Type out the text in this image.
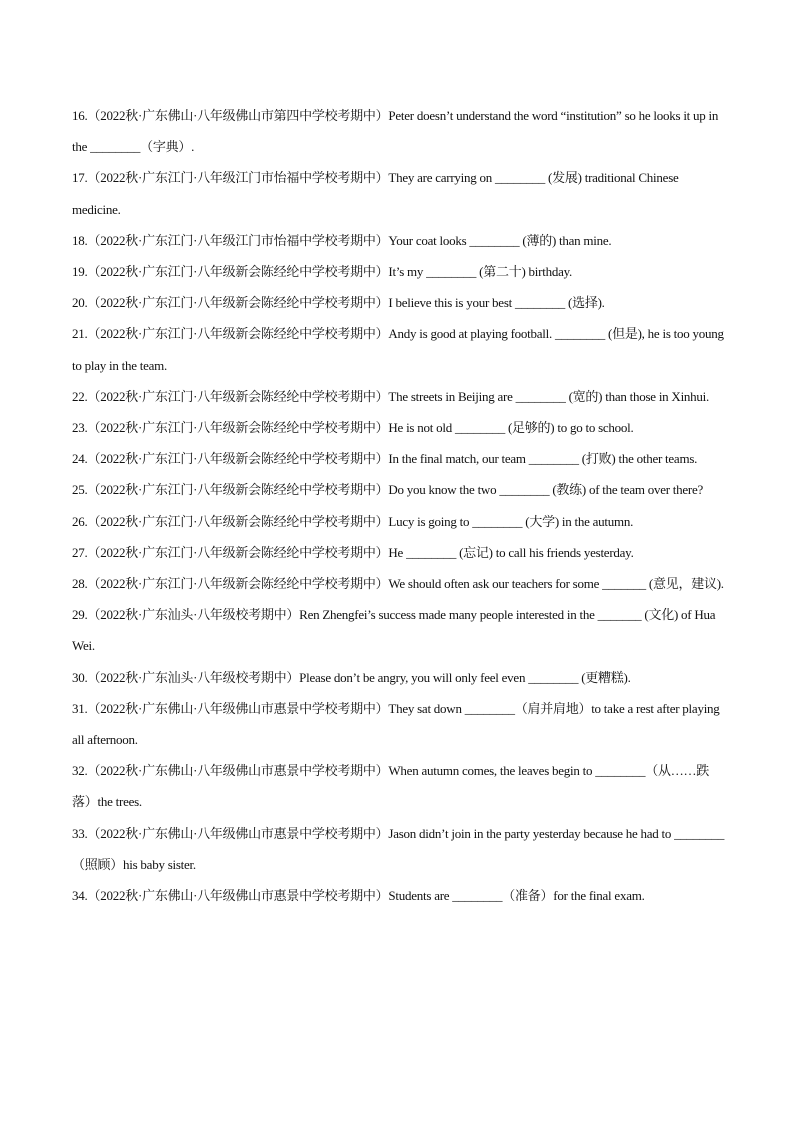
16.（2022秋·广东佛山·八年级佛山市第四中学校考期中）Peter doesn’t understand the word “institution” so he looks it up in the ________（字典）.
17.（2022秋·广东江门·八年级江门市怡福中学校考期中）They are carrying on ________ (发展) traditional Chinese medicine.
18.（2022秋·广东江门·八年级江门市怡福中学校考期中）Your coat looks ________ (薄的) than mine.
19.（2022秋·广东江门·八年级新会陈经纶中学校考期中）It’s my ________ (第二十) birthday.
20.（2022秋·广东江门·八年级新会陈经纶中学校考期中）I believe this is your best ________ (选择).
21.（2022秋·广东江门·八年级新会陈经纶中学校考期中）Andy is good at playing football. ________ (但是), he is too young to play in the team.
22.（2022秋·广东江门·八年级新会陈经纶中学校考期中）The streets in Beijing are ________ (宽的) than those in Xinhui.
23.（2022秋·广东江门·八年级新会陈经纶中学校考期中）He is not old ________ (足够的) to go to school.
24.（2022秋·广东江门·八年级新会陈经纶中学校考期中）In the final match, our team ________ (打败) the other teams.
25.（2022秋·广东江门·八年级新会陈经纶中学校考期中）Do you know the two ________ (教练) of the team over there?
26.（2022秋·广东江门·八年级新会陈经纶中学校考期中）Lucy is going to ________ (大学) in the autumn.
27.（2022秋·广东江门·八年级新会陈经纶中学校考期中）He ________ (忘记) to call his friends yesterday.
28.（2022秋·广东江门·八年级新会陈经纶中学校考期中）We should often ask our teachers for some _______ (意见，建议).
29.（2022秋·广东汕头·八年级校考期中）Ren Zhengfei’s success made many people interested in the _______ (文化) of Hua Wei.
30.（2022秋·广东汕头·八年级校考期中）Please don’t be angry, you will only feel even ________ (更糟糕).
31.（2022秋·广东佛山·八年级佛山市惠景中学校考期中）They sat down ________（肩并肩地）to take a rest after playing all afternoon.
32.（2022秋·广东佛山·八年级佛山市惠景中学校考期中）When autumn comes, the leaves begin to ________（从……跌落）the trees.
33.（2022秋·广东佛山·八年级佛山市惠景中学校考期中）Jason didn’t join in the party yesterday because he had to ________（照顾）his baby sister.
34.（2022秋·广东佛山·八年级佛山市惠景中学校考期中）Students are ________（准备）for the final exam.
